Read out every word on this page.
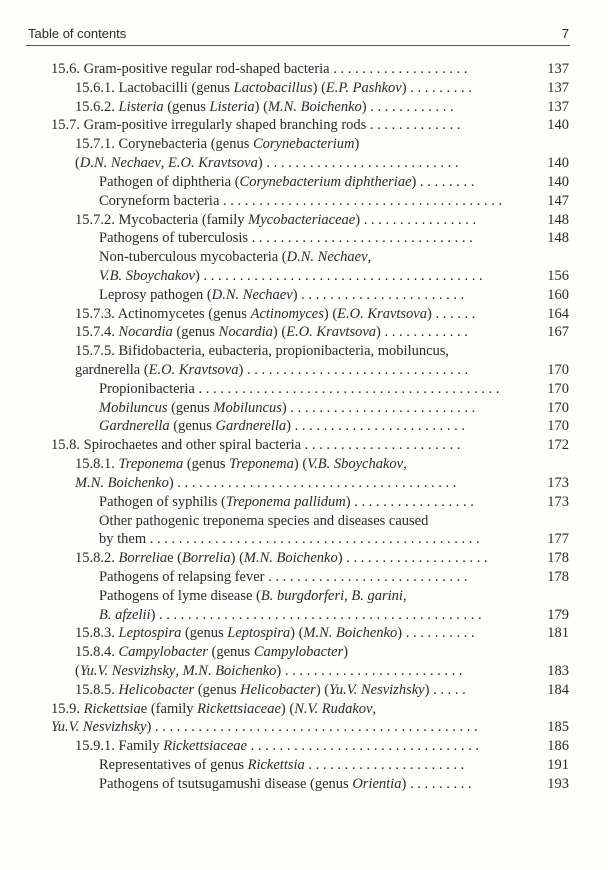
Table of contents	7
15.6. Gram-positive regular rod-shaped bacteria . . . . . . . . . . . . . . . . . . .	137
15.6.1. Lactobacilli (genus Lactobacillus) (E.P. Pashkov) . . . . . . . . .	137
15.6.2. Listeria (genus Listeria) (M.N. Boichenko) . . . . . . . . . . . .	137
15.7. Gram-positive irregularly shaped branching rods . . . . . . . . . . . . .	140
15.7.1. Corynebacteria (genus Corynebacterium)
(D.N. Nechaev, E.O. Kravtsova) . . . . . . . . . . . . . . . . . . . . . . . . . . .	140
Pathogen of diphtheria (Corynebacterium diphtheriae) . . . . . . . .	140
Coryneform bacteria . . . . . . . . . . . . . . . . . . . . . . . . . . . . . . . . . . . . . . .	147
15.7.2. Mycobacteria (family Mycobacteriaceae) . . . . . . . . . . . . . . . .	148
Pathogens of tuberculosis . . . . . . . . . . . . . . . . . . . . . . . . . . . . . . .	148
Non-tuberculous mycobacteria (D.N. Nechaev,
V.B. Sboychakov) . . . . . . . . . . . . . . . . . . . . . . . . . . . . . . . . . . . . . . .	156
Leprosy pathogen (D.N. Nechaev) . . . . . . . . . . . . . . . . . . . . . . .	160
15.7.3. Actinomycetes (genus Actinomyces) (E.O. Kravtsova) . . . . . .	164
15.7.4. Nocardia (genus Nocardia) (E.O. Kravtsova) . . . . . . . . . . . .	167
15.7.5. Bifidobacteria, eubacteria, propionibacteria, mobiluncus,
gardnerella (E.O. Kravtsova) . . . . . . . . . . . . . . . . . . . . . . . . . . . . . . .	170
Propionibacteria . . . . . . . . . . . . . . . . . . . . . . . . . . . . . . . . . . . . . . . . . .	170
Mobiluncus (genus Mobiluncus) . . . . . . . . . . . . . . . . . . . . . . . . . .	170
Gardnerella (genus Gardnerella) . . . . . . . . . . . . . . . . . . . . . . . .	170
15.8. Spirochaetes and other spiral bacteria . . . . . . . . . . . . . . . . . . . . . .	172
15.8.1. Treponema (genus Treponema) (V.B. Sboychakov,
M.N. Boichenko) . . . . . . . . . . . . . . . . . . . . . . . . . . . . . . . . . . . . . . .	173
Pathogen of syphilis (Treponema pallidum) . . . . . . . . . . . . . . . . .	173
Other pathogenic treponema species and diseases caused
by them . . . . . . . . . . . . . . . . . . . . . . . . . . . . . . . . . . . . . . . . . . . . . .	177
15.8.2. Borreliae (Borrelia) (M.N. Boichenko) . . . . . . . . . . . . . . . . . . . .	178
Pathogens of relapsing fever . . . . . . . . . . . . . . . . . . . . . . . . . . . .	178
Pathogens of lyme disease (B. burgdorferi, B. garini,
B. afzelii) . . . . . . . . . . . . . . . . . . . . . . . . . . . . . . . . . . . . . . . . . . . . .	179
15.8.3. Leptospira (genus Leptospira) (M.N. Boichenko) . . . . . . . . . .	181
15.8.4. Campylobacter (genus Campylobacter)
(Yu.V. Nesvizhsky, M.N. Boichenko) . . . . . . . . . . . . . . . . . . . . . . . . .	183
15.8.5. Helicobacter (genus Helicobacter) (Yu.V. Nesvizhsky) . . . . .	184
15.9. Rickettsiae (family Rickettsiaceae) (N.V. Rudakov,
Yu.V. Nesvizhsky) . . . . . . . . . . . . . . . . . . . . . . . . . . . . . . . . . . . . . . . . . . . . .	185
15.9.1. Family Rickettsiaceae . . . . . . . . . . . . . . . . . . . . . . . . . . . . . . . .	186
Representatives of genus Rickettsia . . . . . . . . . . . . . . . . . . . . . .	191
Pathogens of tsutsugamushi disease (genus Orientia) . . . . . . . . .	193
